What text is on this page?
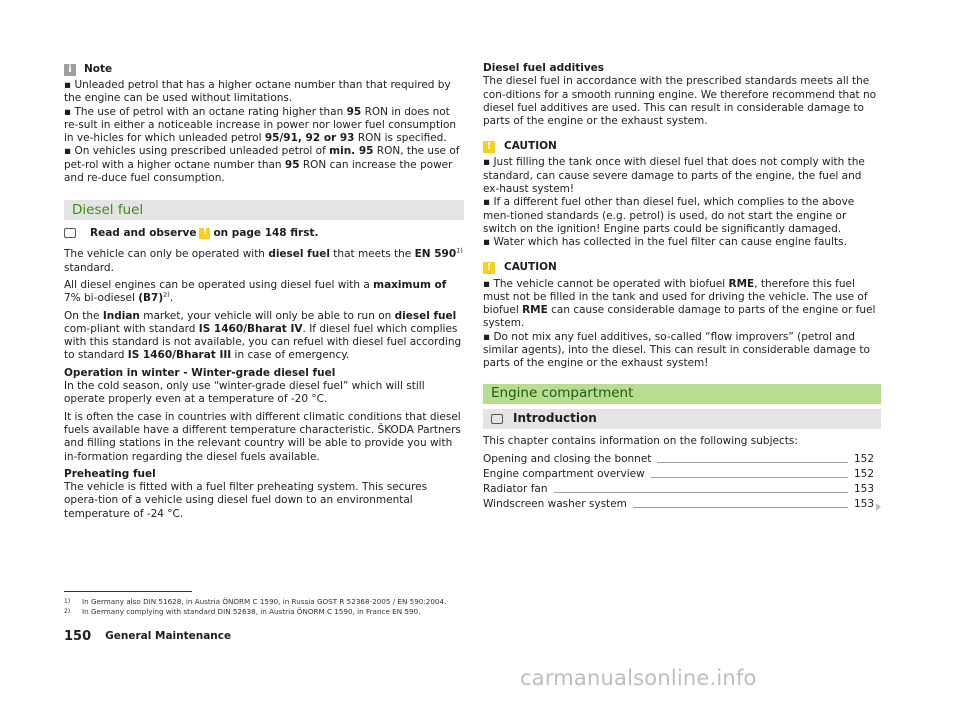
i
Note

▪ Unleaded petrol that has a higher octane number than that required by the engine can be used without limitations.

▪ The use of petrol with an octane rating higher than 95 RON in does not re-sult in either a noticeable increase in power nor lower fuel consumption in ve-hicles for which unleaded petrol 95/91, 92 or 93 RON is specified.

▪ On vehicles using prescribed unleaded petrol of min. 95 RON, the use of pet-rol with a higher octane number than 95 RON can increase the power and re-duce fuel consumption.

Diesel fuel
Read and observe ! on page 148 first.

The vehicle can only be operated with diesel fuel that meets the EN 590$^{1)}$
standard.

All diesel engines can be operated using diesel fuel with a maximum of 7% bi-odiesel $(B7)^{2)}$.

On the Indian market, your vehicle will only be able to run on diesel fuel com-pliant with standard IS 1460/Bharat IV. If diesel fuel which complies with this standard is not available, you can refuel with diesel fuel according to standard IS 1460/Bharat III in case of emergency.

Operation in winter - Winter-grade diesel fuel

In the cold season, only use “winter-grade diesel fuel” which will still operate properly even at a temperature of -20 °C.

It is often the case in countries with different climatic conditions that diesel fuels available have a different temperature characteristic. ŠKODA Partners and filling stations in the relevant country will be able to provide you with in-formation regarding the diesel fuels available.

Preheating fuel

The vehicle is fitted with a fuel filter preheating system. This secures opera-tion of a vehicle using diesel fuel down to an environmental temperature of -24 °C.

Diesel fuel additives

The diesel fuel in accordance with the prescribed standards meets all the con-ditions for a smooth running engine. We therefore recommend that no diesel fuel additives are used. This can result in considerable damage to parts of the engine or the exhaust system.

!
CAUTION

▪ Just filling the tank once with diesel fuel that does not comply with the standard, can cause severe damage to parts of the engine, the fuel and ex-haust system!

▪ If a different fuel other than diesel fuel, which complies to the above men-tioned standards (e.g. petrol) is used, do not start the engine or switch on the ignition! Engine parts could be significantly damaged.

▪ Water which has collected in the fuel filter can cause engine faults.

!
CAUTION

▪ The vehicle cannot be operated with biofuel RME, therefore this fuel must not be filled in the tank and used for driving the vehicle. The use of biofuel RME can cause considerable damage to parts of the engine or fuel system.

▪ Do not mix any fuel additives, so-called “flow improvers” (petrol and similar agents), into the diesel. This can result in considerable damage to parts of the engine or the exhaust system!

Engine compartment
Introduction

This chapter contains information on the following subjects:

Opening and closing the bonnet	152
Engine compartment overview	152
Radiator fan	153
Windscreen washer system	153
1) In Germany also DIN 51628, in Austria ÖNORM C 1590, in Russia GOST R 52368-2005 / EN 590:2004.
2) In Germany complying with standard DIN 52638, in Austria ÖNORM C 1590, in France EN 590.
150 General Maintenance
carmanualsonline.info
